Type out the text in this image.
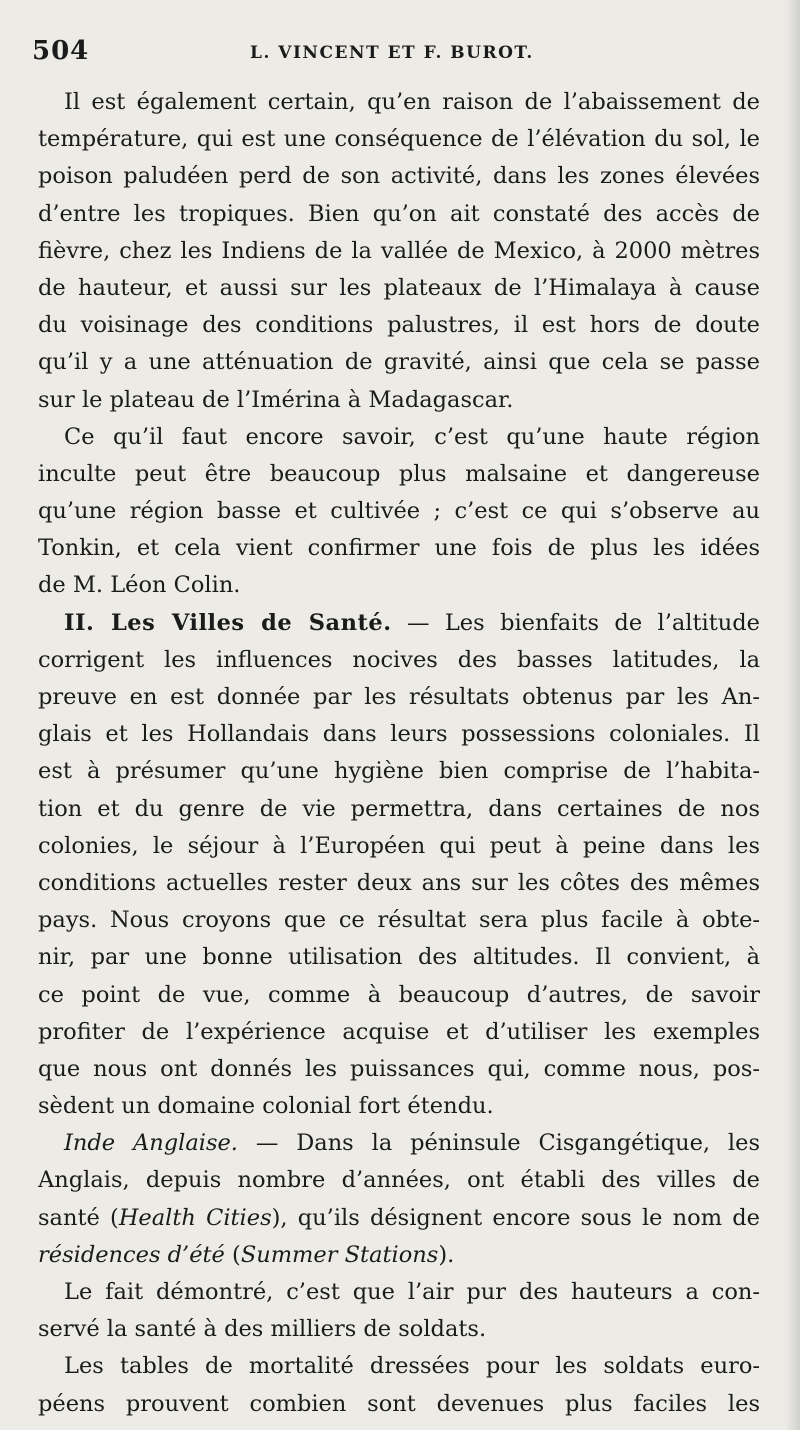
504	L. VINCENT ET F. BUROT.
Il est également certain, qu’en raison de l’abaissement de
température, qui est une conséquence de l’élévation du sol, le
poison paludéen perd de son activité, dans les zones élevées
d’entre les tropiques. Bien qu’on ait constaté des accès de
fièvre, chez les Indiens de la vallée de Mexico, à 2000 mètres
de hauteur, et aussi sur les plateaux de l’Himalaya à cause
du voisinage des conditions palustres, il est hors de doute
qu’il y a une atténuation de gravité, ainsi que cela se passe
sur le plateau de l’Imérina à Madagascar.
Ce qu’il faut encore savoir, c’est qu’une haute région
inculte peut être beaucoup plus malsaine et dangereuse
qu’une région basse et cultivée ; c’est ce qui s’observe au
Tonkin, et cela vient confirmer une fois de plus les idées
de M. Léon Colin.
II. Les Villes de Santé. — Les bienfaits de l’altitude
corrigent les influences nocives des basses latitudes, la
preuve en est donnée par les résultats obtenus par les An-
glais et les Hollandais dans leurs possessions coloniales. Il
est à présumer qu’une hygiène bien comprise de l’habita-
tion et du genre de vie permettra, dans certaines de nos
colonies, le séjour à l’Européen qui peut à peine dans les
conditions actuelles rester deux ans sur les côtes des mêmes
pays. Nous croyons que ce résultat sera plus facile à obte-
nir, par une bonne utilisation des altitudes. Il convient, à
ce point de vue, comme à beaucoup d’autres, de savoir
profiter de l’expérience acquise et d’utiliser les exemples
que nous ont donnés les puissances qui, comme nous, pos-
sèdent un domaine colonial fort étendu.
Inde Anglaise. — Dans la péninsule Cisgangétique, les
Anglais, depuis nombre d’années, ont établi des villes de
santé (Health Cities), qu’ils désignent encore sous le nom de
résidences d’été (Summer Stations).
Le fait démontré, c’est que l’air pur des hauteurs a con-
servé la santé à des milliers de soldats.
Les tables de mortalité dressées pour les soldats euro-
péens prouvent combien sont devenues plus faciles les
